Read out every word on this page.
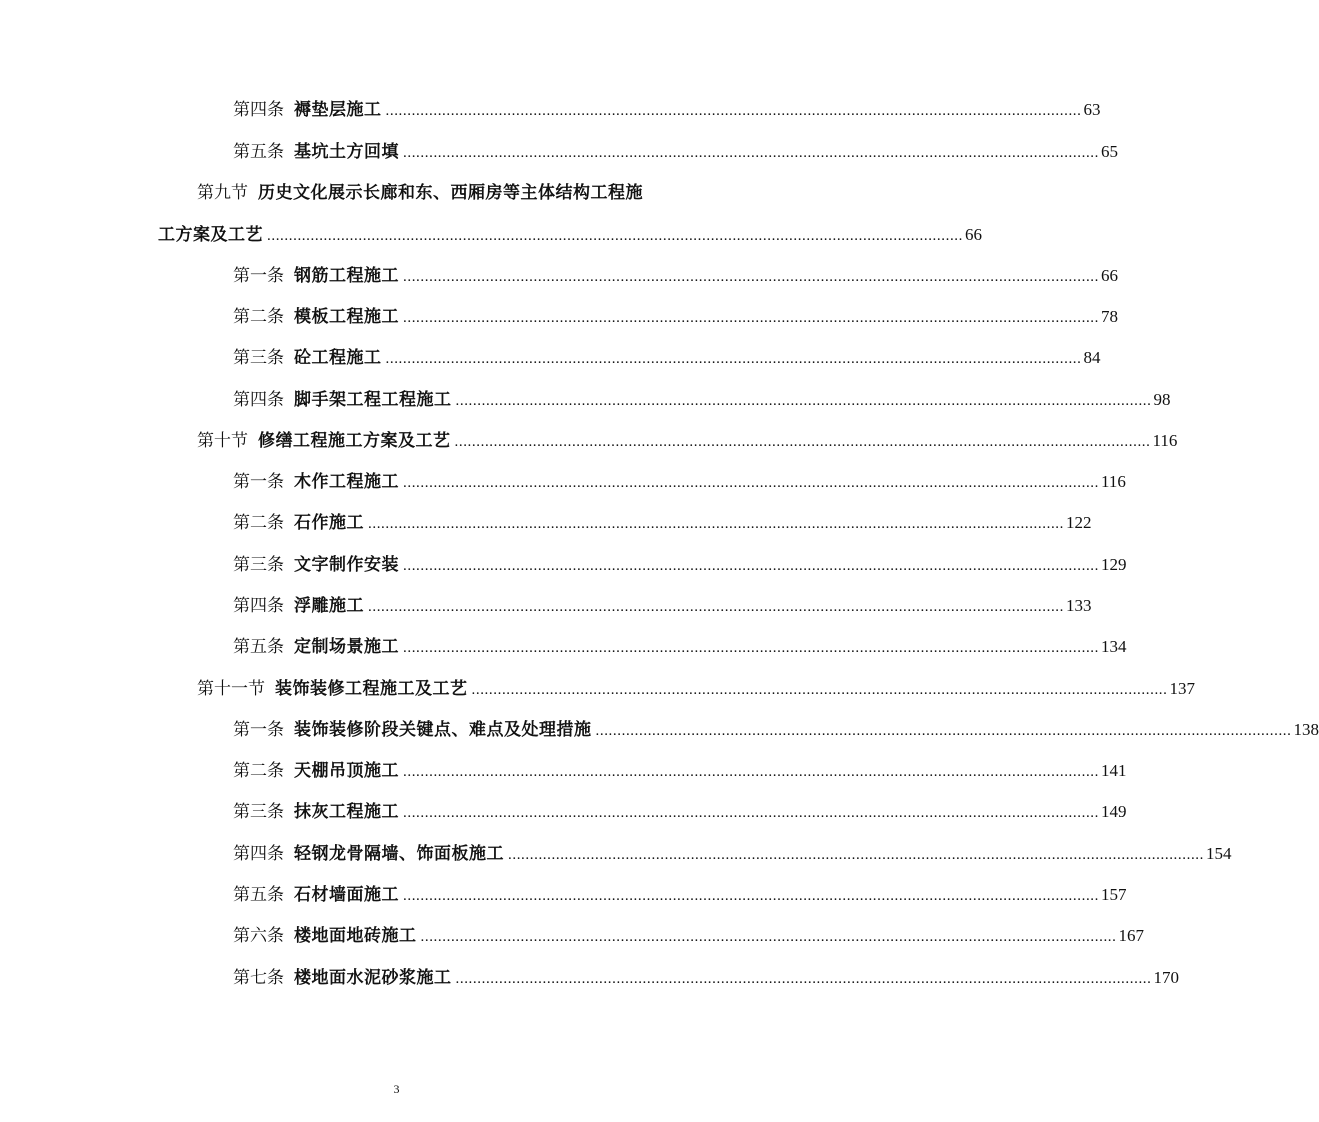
第四条 褥垫层施工 ................................................................................................................................................................ 63
第五条 基坑土方回填 ................................................................................................................................................................ 65
第九节 历史文化展示长廊和东、西厢房等主体结构工程施
工方案及工艺 ................................................................................................................................................................ 66
第一条 钢筋工程施工 ................................................................................................................................................................ 66
第二条 模板工程施工 ................................................................................................................................................................ 78
第三条 砼工程施工 ................................................................................................................................................................ 84
第四条 脚手架工程工程施工 ................................................................................................................................................................ 98
第十节 修缮工程施工方案及工艺 ................................................................................................................................................................ 116
第一条 木作工程施工 ................................................................................................................................................................ 116
第二条 石作施工 ................................................................................................................................................................ 122
第三条 文字制作安装 ................................................................................................................................................................ 129
第四条 浮雕施工 ................................................................................................................................................................ 133
第五条 定制场景施工 ................................................................................................................................................................ 134
第十一节 装饰装修工程施工及工艺 ................................................................................................................................................................ 137
第一条 装饰装修阶段关键点、难点及处理措施 ................................................................................................................................................................ 138
第二条 天棚吊顶施工 ................................................................................................................................................................ 141
第三条 抹灰工程施工 ................................................................................................................................................................ 149
第四条 轻钢龙骨隔墙、饰面板施工 ................................................................................................................................................................ 154
第五条 石材墙面施工 ................................................................................................................................................................ 157
第六条 楼地面地砖施工 ................................................................................................................................................................ 167
第七条 楼地面水泥砂浆施工 ................................................................................................................................................................ 170
3
